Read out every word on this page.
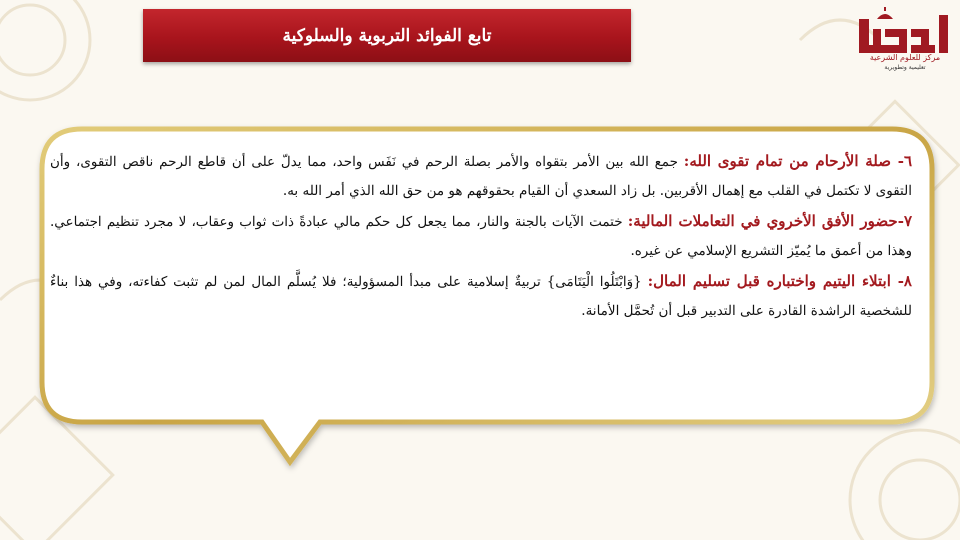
تابع الفوائد التربوية والسلوكية
مركز للعلوم الشرعية
تعليمية وتطويرية

٦- صلة الأرحام من تمام تقوى الله: جمع الله بين الأمر بتقواه والأمر بصلة الرحم في نَفَس واحد، مما يدلّ على أن قاطع الرحم ناقص التقوى، وأن التقوى لا تكتمل في القلب مع إهمال الأقربين. بل زاد السعدي أن القيام بحقوقهم هو من حق الله الذي أمر الله به.

٧-حضور الأفق الأخروي في التعاملات المالية: ختمت الآيات بالجنة والنار، مما يجعل كل حكم مالي عبادةً ذات ثواب وعقاب، لا مجرد تنظيم اجتماعي. وهذا من أعمق ما يُميّز التشريع الإسلامي عن غيره.

٨- ابتلاء اليتيم واختباره قبل تسليم المال: {وَابْتَلُوا الْيَتَامَى} تربيةٌ إسلامية على مبدأ المسؤولية؛ فلا يُسلَّم المال لمن لم تثبت كفاءته، وفي هذا بناءٌ للشخصية الراشدة القادرة على التدبير قبل أن تُحمَّل الأمانة.
